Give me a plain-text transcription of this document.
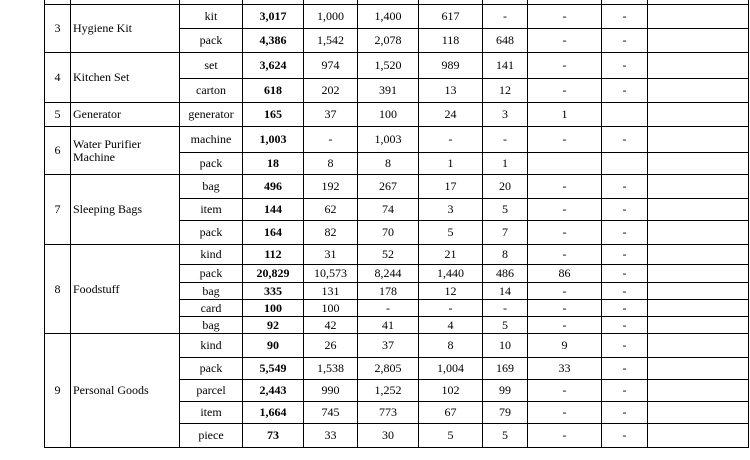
3	Hygiene Kit	kit	3,017	1,000	1,400	617	-	-	-	
		pack	4,386	1,542	2,078	118	648	-	-	
4	Kitchen Set	set	3,624	974	1,520	989	141	-	-	
		carton	618	202	391	13	12	-	-	
5	Generator	generator	165	37	100	24	3	1		
6	Water Purifier Machine	machine	1,003	-	1,003	-	-	-	-	
		pack	18	8	8	1	1			
7	Sleeping Bags	bag	496	192	267	17	20	-	-	
		item	144	62	74	3	5	-	-	
		pack	164	82	70	5	7	-	-	
8	Foodstuff	kind	112	31	52	21	8	-	-	
		pack	20,829	10,573	8,244	1,440	486	86	-	
		bag	335	131	178	12	14	-	-	
		card	100	100	-	-	-	-	-	
		bag	92	42	41	4	5	-	-	
9	Personal Goods	kind	90	26	37	8	10	9	-	
		pack	5,549	1,538	2,805	1,004	169	33	-	
		parcel	2,443	990	1,252	102	99	-	-	
		item	1,664	745	773	67	79	-	-	
		piece	73	33	30	5	5	-	-	
